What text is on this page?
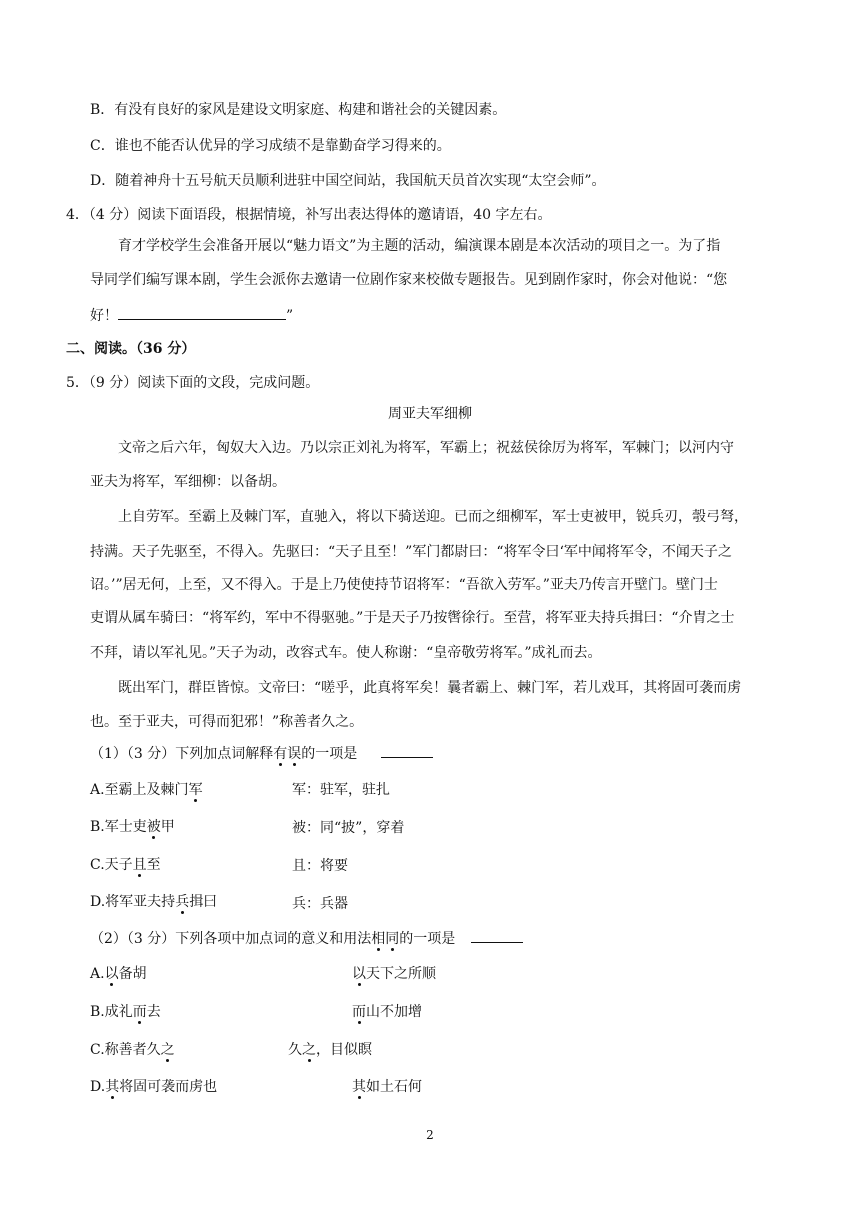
B．有没有良好的家风是建设文明家庭、构建和谐社会的关键因素。
C．谁也不能否认优异的学习成绩不是靠勤奋学习得来的。
D．随着神舟十五号航天员顺利进驻中国空间站，我国航天员首次实现“太空会师”。
4．（4 分）阅读下面语段，根据情境，补写出表达得体的邀请语，40 字左右。
育才学校学生会准备开展以“魅力语文”为主题的活动，编演课本剧是本次活动的项目之一。为了指
导同学们编写课本剧，学生会派你去邀请一位剧作家来校做专题报告。见到剧作家时，你会对他说：“您
好！	”
二、阅读。（36 分）
5．（9 分）阅读下面的文段，完成问题。
周亚夫军细柳
文帝之后六年，匈奴大入边。乃以宗正刘礼为将军，军霸上；祝兹侯徐厉为将军，军棘门；以河内守
亚夫为将军，军细柳：以备胡。
上自劳军。至霸上及棘门军，直驰入，将以下骑送迎。已而之细柳军，军士吏被甲，锐兵刃，彀弓弩，
持满。天子先驱至，不得入。先驱曰：“天子且至！”军门都尉曰：“将军令曰‘军中闻将军令，不闻天子之
诏。’”居无何，上至，又不得入。于是上乃使使持节诏将军：“吾欲入劳军。”亚夫乃传言开壁门。壁门士
吏谓从属车骑曰：“将军约，军中不得驱驰。”于是天子乃按辔徐行。至营，将军亚夫持兵揖曰：“介胄之士
不拜，请以军礼见。”天子为动，改容式车。使人称谢：“皇帝敬劳将军。”成礼而去。
既出军门，群臣皆惊。文帝曰：“嗟乎，此真将军矣！曩者霸上、棘门军，若儿戏耳，其将固可袭而虏
也。至于亚夫，可得而犯邪！”称善者久之。
（1）（3 分）下列加点词解释有误的一项是
A.至霸上及棘门军	军：驻军，驻扎
B.军士吏被甲	被：同“披”，穿着
C.天子且至	且：将要
D.将军亚夫持兵揖曰	兵：兵器
（2）（3 分）下列各项中加点词的意义和用法相同的一项是
A.以备胡	以天下之所顺
B.成礼而去	而山不加增
C.称善者久之	久之，目似瞑
D.其将固可袭而虏也	其如土石何
2
